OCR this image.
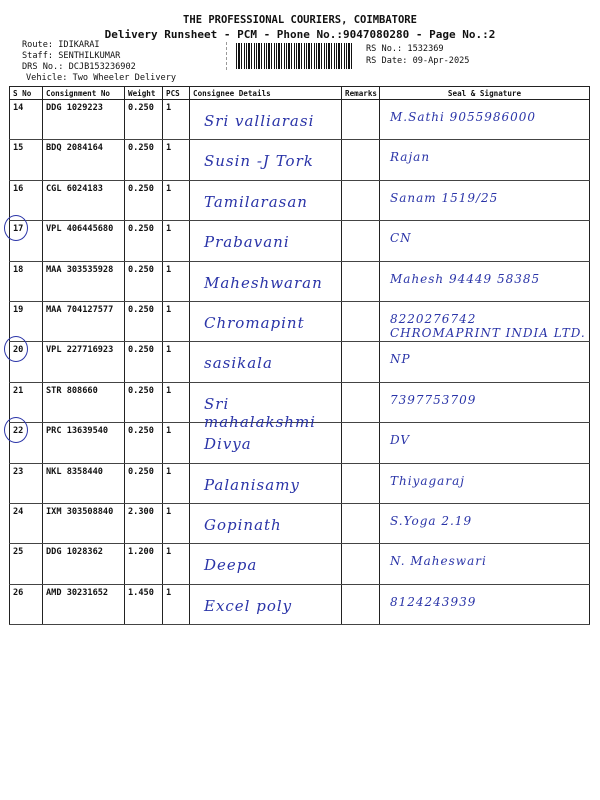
THE PROFESSIONAL COURIERS, COIMBATORE
Delivery Runsheet - PCM - Phone No.:9047080280 - Page No.:2
Route: IDIKARAI
Staff: SENTHILKUMAR
DRS No.: DCJB153236902
Vehicle: Two Wheeler Delivery
RS No.: 1532369
RS Date: 09-Apr-2025
S No	Consignment No	Weight	PCS	Consignee Details	Remarks	Seal & Signature
14	DDG 1029223	0.250	1	Sri valliarasi		M.Sathi 9055986000

15	BDQ 2084164	0.250	1	Susin -J Tork		Rajan

16	CGL 6024183	0.250	1	Tamilarasan		Sanam 1519/25

17	VPL 406445680	0.250	1	Prabavani		CN

18	MAA 303535928	0.250	1	Maheshwaran		Mahesh 94449 58385

19	MAA 704127577	0.250	1	Chromapint		8220276742 CHROMAPRINT INDIA LTD.

20	VPL 227716923	0.250	1	sasikala		NP

21	STR 808660	0.250	1	Sri mahalakshmi		7397753709

22	PRC 13639540	0.250	1	Divya		DV

23	NKL 8358440	0.250	1	Palanisamy		Thiyagaraj

24	IXM 303508840	2.300	1	Gopinath		S.Yoga 2.19

25	DDG 1028362	1.200	1	Deepa		N. Maheswari

26	AMD 30231652	1.450	1	Excel poly		8124243939
